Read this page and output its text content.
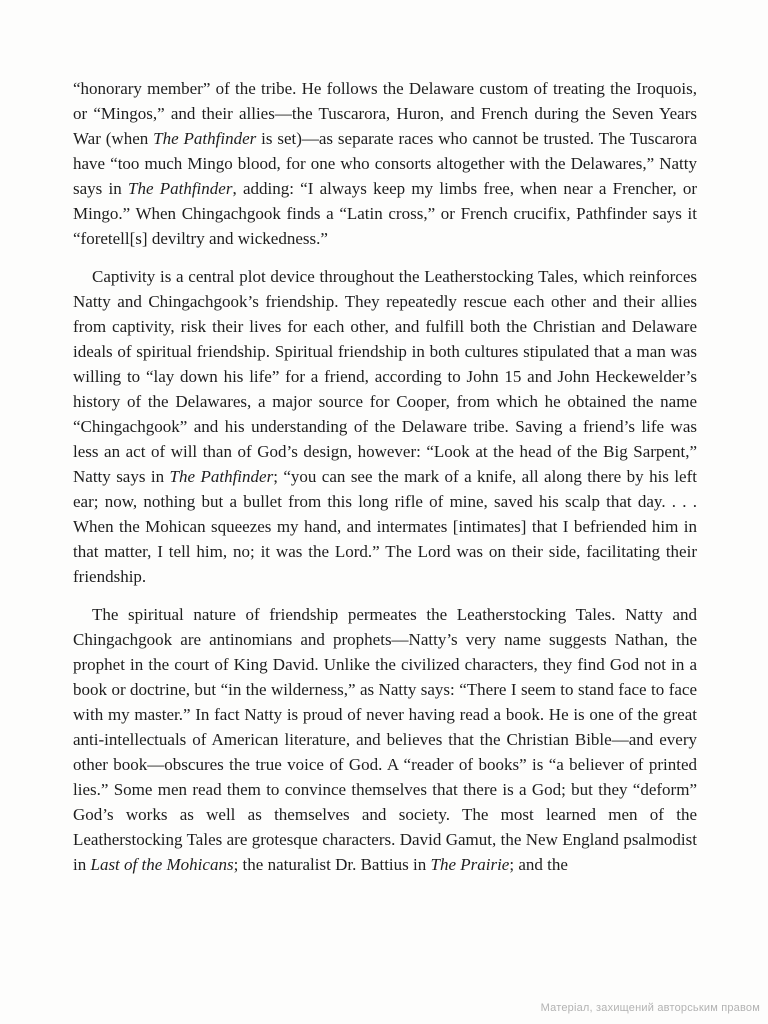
“honorary member” of the tribe. He follows the Delaware custom of treating the Iroquois, or “Mingos,” and their allies—the Tuscarora, Huron, and French during the Seven Years War (when The Pathfinder is set)—as separate races who cannot be trusted. The Tuscarora have “too much Mingo blood, for one who consorts altogether with the Delawares,” Natty says in The Pathfinder, adding: “I always keep my limbs free, when near a Frencher, or Mingo.” When Chingachgook finds a “Latin cross,” or French crucifix, Pathfinder says it “foretell[s] deviltry and wickedness.”

Captivity is a central plot device throughout the Leatherstocking Tales, which reinforces Natty and Chingachgook’s friendship. They repeatedly rescue each other and their allies from captivity, risk their lives for each other, and fulfill both the Christian and Delaware ideals of spiritual friendship. Spiritual friendship in both cultures stipulated that a man was willing to “lay down his life” for a friend, according to John 15 and John Heckewelder’s history of the Delawares, a major source for Cooper, from which he obtained the name “Chingachgook” and his understanding of the Delaware tribe. Saving a friend’s life was less an act of will than of God’s design, however: “Look at the head of the Big Sarpent,” Natty says in The Pathfinder; “you can see the mark of a knife, all along there by his left ear; now, nothing but a bullet from this long rifle of mine, saved his scalp that day. . . . When the Mohican squeezes my hand, and intermates [intimates] that I befriended him in that matter, I tell him, no; it was the Lord.” The Lord was on their side, facilitating their friendship.

The spiritual nature of friendship permeates the Leatherstocking Tales. Natty and Chingachgook are antinomians and prophets—Natty’s very name suggests Nathan, the prophet in the court of King David. Unlike the civilized characters, they find God not in a book or doctrine, but “in the wilderness,” as Natty says: “There I seem to stand face to face with my master.” In fact Natty is proud of never having read a book. He is one of the great anti-intellectuals of American literature, and believes that the Christian Bible—and every other book—obscures the true voice of God. A “reader of books” is “a believer of printed lies.” Some men read them to convince themselves that there is a God; but they “deform” God’s works as well as themselves and society. The most learned men of the Leatherstocking Tales are grotesque characters. David Gamut, the New England psalmodist in Last of the Mohicans; the naturalist Dr. Battius in The Prairie; and the

Матеріал, захищений авторським правом
